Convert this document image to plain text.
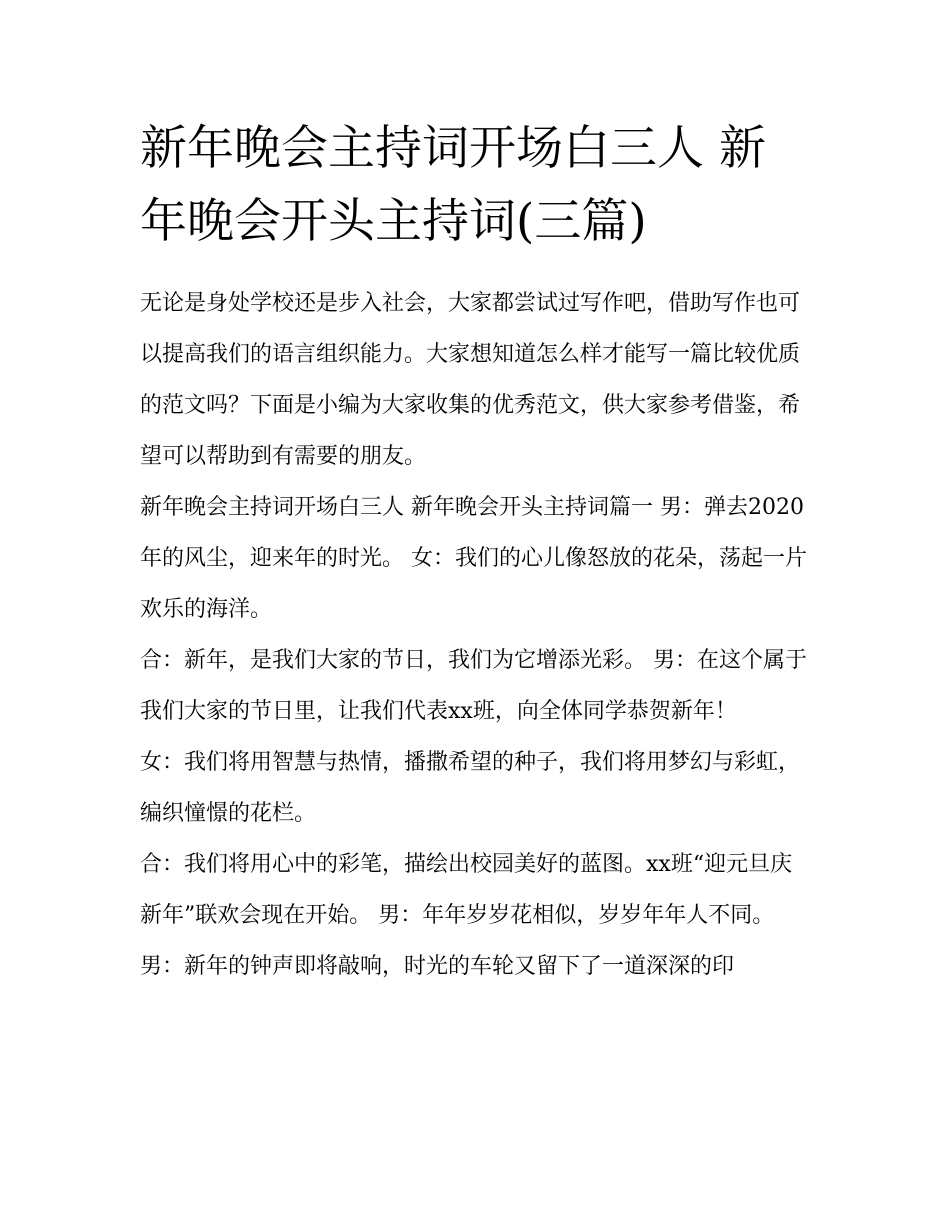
新年晚会主持词开场白三人 新年晚会开头主持词(三篇)

无论是身处学校还是步入社会，大家都尝试过写作吧，借助写作也可以提高我们的语言组织能力。大家想知道怎么样才能写一篇比较优质的范文吗？下面是小编为大家收集的优秀范文，供大家参考借鉴，希望可以帮助到有需要的朋友。

新年晚会主持词开场白三人 新年晚会开头主持词篇一 男：弹去2020年的风尘，迎来年的时光。 女：我们的心儿像怒放的花朵，荡起一片欢乐的海洋。

合：新年，是我们大家的节日，我们为它增添光彩。 男：在这个属于我们大家的节日里，让我们代表xx班，向全体同学恭贺新年！

女：我们将用智慧与热情，播撒希望的种子，我们将用梦幻与彩虹，编织憧憬的花栏。

合：我们将用心中的彩笔，描绘出校园美好的蓝图。xx班“迎元旦庆新年”联欢会现在开始。 男：年年岁岁花相似，岁岁年年人不同。

男：新年的钟声即将敲响，时光的车轮又留下了一道深深的印
